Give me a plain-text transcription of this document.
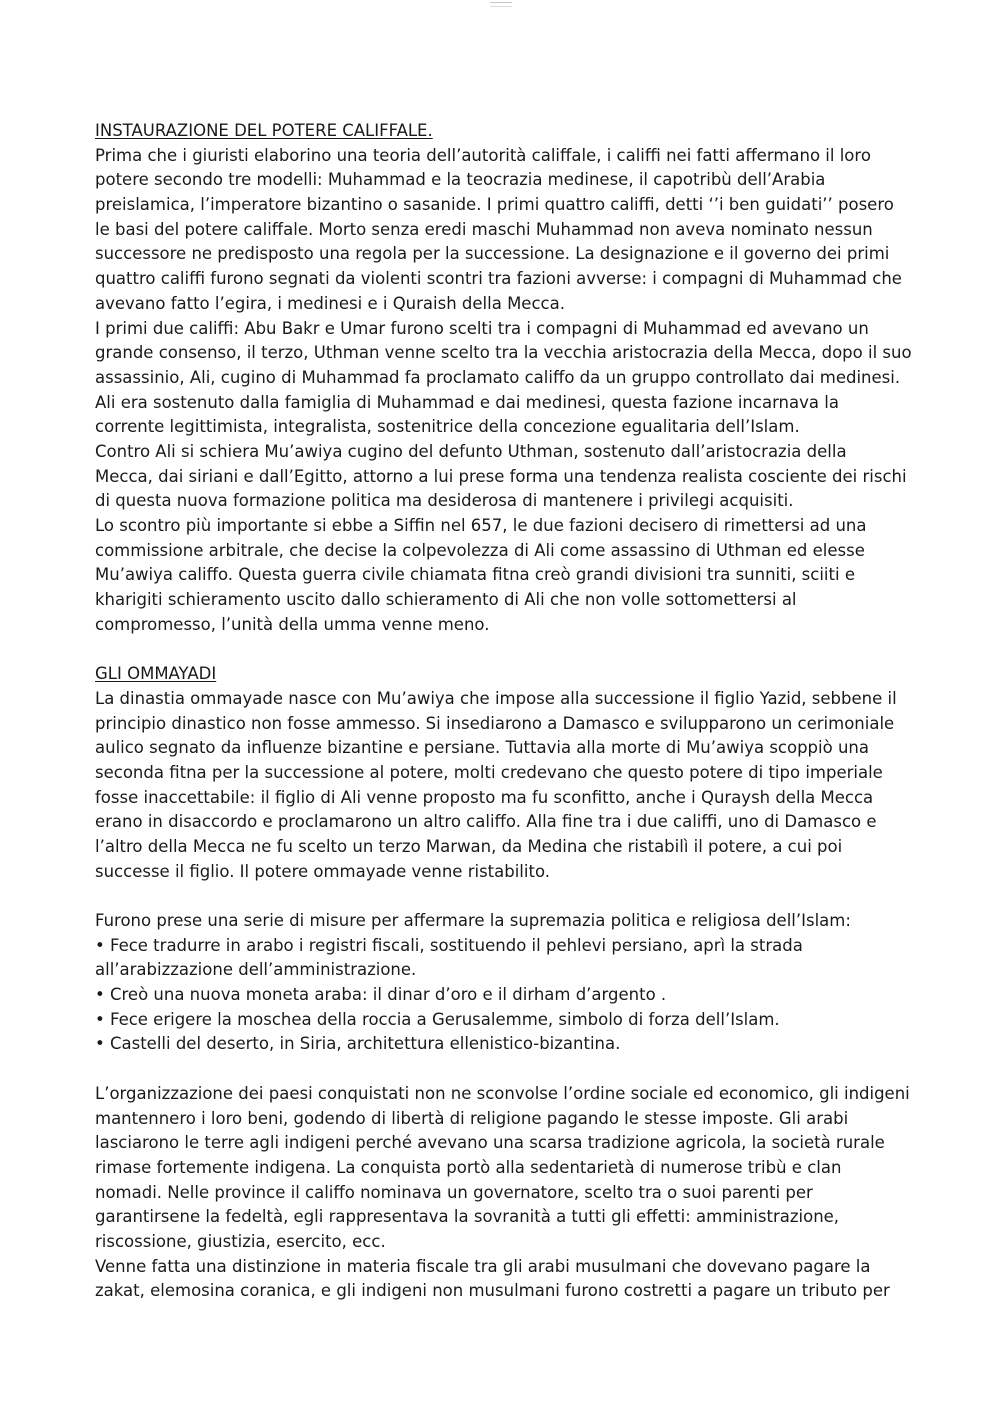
INSTAURAZIONE DEL POTERE CALIFFALE.
Prima che i giuristi elaborino una teoria dell’autorità califfale, i califfi nei fatti affermano il loro
potere secondo tre modelli: Muhammad e la teocrazia medinese, il capotribù dell’Arabia
preislamica, l’imperatore bizantino o sasanide. I primi quattro califfi, detti ‘’i ben guidati’’ posero
le basi del potere califfale. Morto senza eredi maschi Muhammad non aveva nominato nessun
successore ne predisposto una regola per la successione. La designazione e il governo dei primi
quattro califfi furono segnati da violenti scontri tra fazioni avverse: i compagni di Muhammad che
avevano fatto l’egira, i medinesi e i Quraish della Mecca.
I primi due califfi: Abu Bakr e Umar furono scelti tra i compagni di Muhammad ed avevano un
grande consenso, il terzo, Uthman venne scelto tra la vecchia aristocrazia della Mecca, dopo il suo
assassinio, Ali, cugino di Muhammad fa proclamato califfo da un gruppo controllato dai medinesi.
Ali era sostenuto dalla famiglia di Muhammad e dai medinesi, questa fazione incarnava la
corrente legittimista, integralista, sostenitrice della concezione egualitaria dell’Islam.
Contro Ali si schiera Mu’awiya cugino del defunto Uthman, sostenuto dall’aristocrazia della
Mecca, dai siriani e dall’Egitto, attorno a lui prese forma una tendenza realista cosciente dei rischi
di questa nuova formazione politica ma desiderosa di mantenere i privilegi acquisiti.
Lo scontro più importante si ebbe a Siffin nel 657, le due fazioni decisero di rimettersi ad una
commissione arbitrale, che decise la colpevolezza di Ali come assassino di Uthman ed elesse
Mu’awiya califfo. Questa guerra civile chiamata fitna creò grandi divisioni tra sunniti, sciiti e
kharigiti schieramento uscito dallo schieramento di Ali che non volle sottomettersi al
compromesso, l’unità della umma venne meno.
GLI OMMAYADI
La dinastia ommayade nasce con Mu’awiya che impose alla successione il figlio Yazid, sebbene il
principio dinastico non fosse ammesso. Si insediarono a Damasco e svilupparono un cerimoniale
aulico segnato da influenze bizantine e persiane. Tuttavia alla morte di Mu’awiya scoppiò una
seconda fitna per la successione al potere, molti credevano che questo potere di tipo imperiale
fosse inaccettabile: il figlio di Ali venne proposto ma fu sconfitto, anche i Quraysh della Mecca
erano in disaccordo e proclamarono un altro califfo. Alla fine tra i due califfi, uno di Damasco e
l’altro della Mecca ne fu scelto un terzo Marwan, da Medina che ristabilì il potere, a cui poi
successe il figlio. Il potere ommayade venne ristabilito.
Furono prese una serie di misure per affermare la supremazia politica e religiosa dell’Islam:
• Fece tradurre in arabo i registri fiscali, sostituendo il pehlevi persiano, aprì la strada
all’arabizzazione dell’amministrazione.
• Creò una nuova moneta araba: il dinar d’oro e il dirham d’argento .
• Fece erigere la moschea della roccia a Gerusalemme, simbolo di forza dell’Islam.
• Castelli del deserto, in Siria, architettura ellenistico-bizantina.
L’organizzazione dei paesi conquistati non ne sconvolse l’ordine sociale ed economico, gli indigeni
mantennero i loro beni, godendo di libertà di religione pagando le stesse imposte. Gli arabi
lasciarono le terre agli indigeni perché avevano una scarsa tradizione agricola, la società rurale
rimase fortemente indigena. La conquista portò alla sedentarietà di numerose tribù e clan
nomadi. Nelle province il califfo nominava un governatore, scelto tra o suoi parenti per
garantirsene la fedeltà, egli rappresentava la sovranità a tutti gli effetti: amministrazione,
riscossione, giustizia, esercito, ecc.
Venne fatta una distinzione in materia fiscale tra gli arabi musulmani che dovevano pagare la
zakat, elemosina coranica, e gli indigeni non musulmani furono costretti a pagare un tributo per
